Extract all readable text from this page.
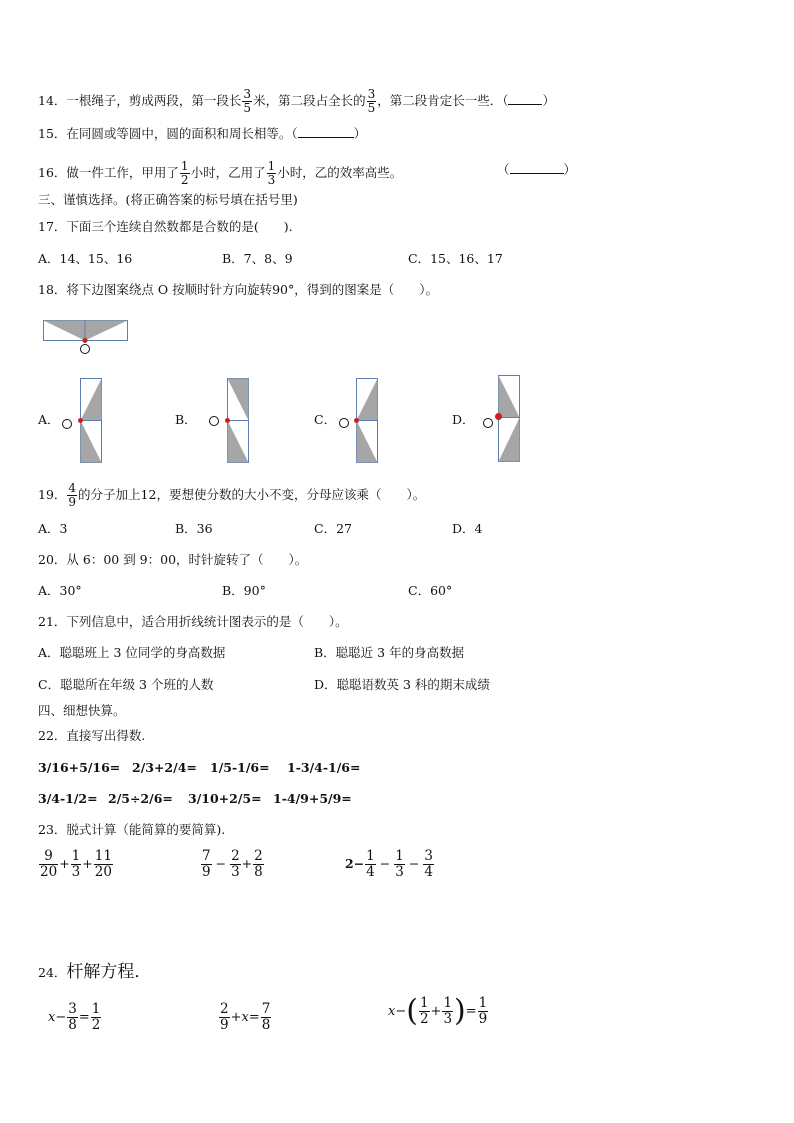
14．一根绳子，剪成两段，第一段长 $\frac{3}{5}$ 米，第二段占全长的 $\frac{3}{5}$ ，第二段肯定长一些．（	）
15．在同圆或等圆中，圆的面积和周长相等。（	）
16．做一件工作，甲用了 $\frac{1}{2}$ 小时，乙用了 $\frac{1}{3}$ 小时，乙的效率高些。	（	）
三、谨慎选择。(将正确答案的标号填在括号里)
17．下面三个连续自然数都是合数的是(　　).
A．14、15、16	B．7、8、9	C．15、16、17
18．将下边图案绕点 O 按顺时针方向旋转90°，得到的图案是（　　）。
A．	B．	C．	D．
19． $\frac{4}{9}$ 的分子加上12，要想使分数的大小不变，分母应该乘（　　）。
A．3	B．36	C．27	D．4
20．从 6：00 到 9：00，时针旋转了（　　）。
A．30°	B．90°	C．60°
21．下列信息中，适合用折线统计图表示的是（　　）。
A．聪聪班上 3 位同学的身高数据	B．聪聪近 3 年的身高数据
C．聪聪所在年级 3 个班的人数	D．聪聪语数英 3 科的期末成绩
四、细想快算。
22．直接写出得数.
3/16+5/16= 2/3+2/4= 1/5-1/6= 1-3/4-1/6=
3/4-1/2= 2/5÷2/6= 3/10+2/5= 1-4/9+5/9=
23．脱式计算（能简算的要简算).
$\frac{9}{20} + \frac{1}{3} + \frac{11}{20}$	$\frac{7}{9} - \frac{2}{3} + \frac{2}{8}$	$2- \frac{1}{4} - \frac{1}{3} - \frac{3}{4}$
24．杆解方程．
$x- \frac{3}{8} = \frac{1}{2}$	$\frac{2}{9} +x= \frac{7}{8}$	$x-( \frac{1}{2} + \frac{1}{3}$ )= $\frac{1}{9}$
